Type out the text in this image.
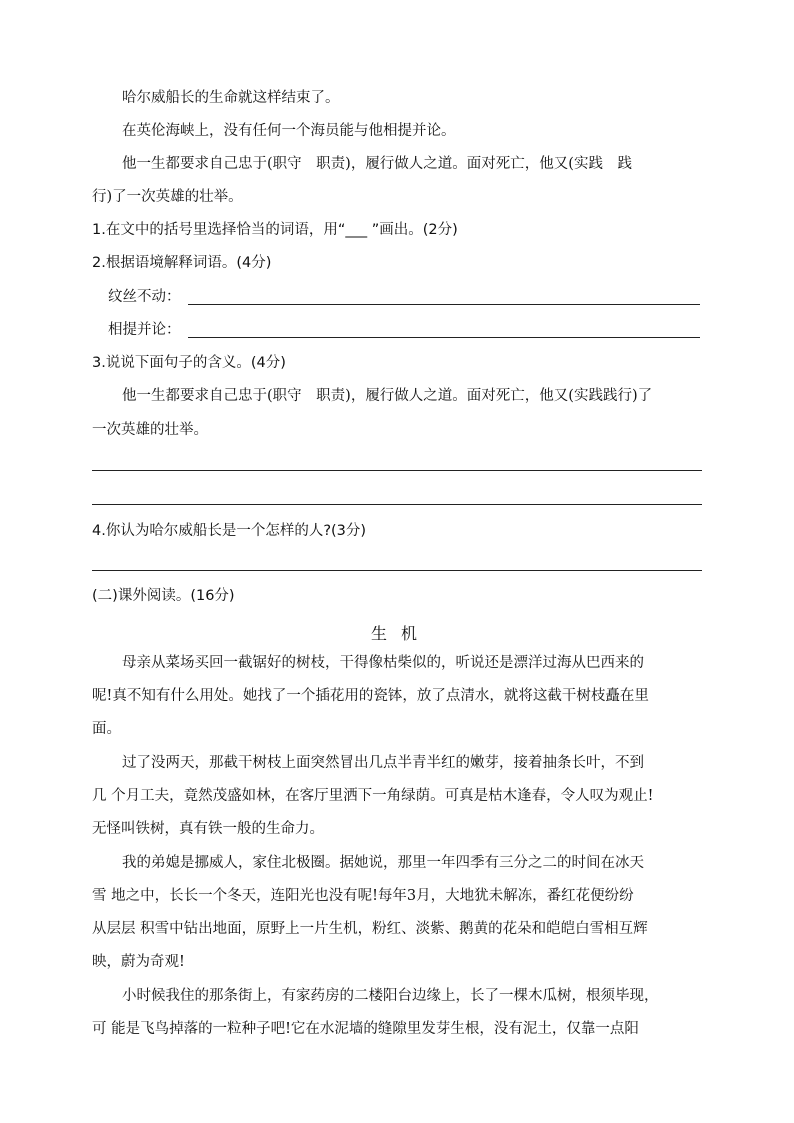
哈尔威船长的生命就这样结束了。
在英伦海峡上，没有任何一个海员能与他相提并论。
他一生都要求自己忠于(职守　职责)，履行做人之道。面对死亡，他又(实践　践
行)了一次英雄的壮举。
1.在文中的括号里选择恰当的词语，用“___ ”画出。(2分)
2.根据语境解释词语。(4分)
纹丝不动：
相提并论：
3.说说下面句子的含义。(4分)
他一生都要求自己忠于(职守　职责)，履行做人之道。面对死亡，他又(实践践行)了
一次英雄的壮举。
4.你认为哈尔威船长是一个怎样的人?(3分)
(二)课外阅读。(16分)
生机
母亲从菜场买回一截锯好的树枝，干得像枯柴似的，听说还是漂洋过海从巴西来的
呢!真不知有什么用处。她找了一个插花用的瓷钵，放了点清水，就将这截干树枝矗在里
面。
过了没两天，那截干树枝上面突然冒出几点半青半红的嫩芽，接着抽条长叶，不到
几 个月工夫，竟然茂盛如林，在客厅里洒下一角绿荫。可真是枯木逢春，令人叹为观止!
无怪叫铁树，真有铁一般的生命力。
我的弟媳是挪威人，家住北极圈。据她说，那里一年四季有三分之二的时间在冰天
雪 地之中，长长一个冬天，连阳光也没有呢!每年3月，大地犹未解冻，番红花便纷纷
从层层 积雪中钻出地面，原野上一片生机，粉红、淡紫、鹅黄的花朵和皑皑白雪相互辉
映，蔚为奇观!
小时候我住的那条街上，有家药房的二楼阳台边缘上，长了一棵木瓜树，根须毕现，
可 能是飞鸟掉落的一粒种子吧!它在水泥墙的缝隙里发芽生根，没有泥土，仅靠一点阳
